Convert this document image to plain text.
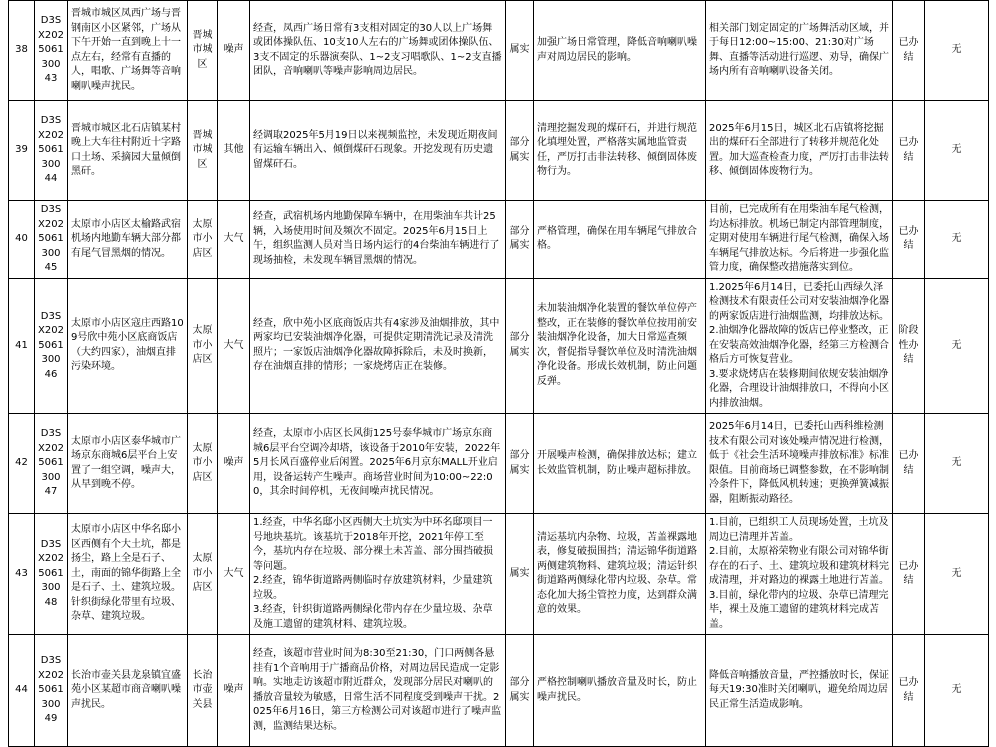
38	D3SX2025061300 43	晋城市城区凤西广场与晋钢南区小区紧邻，广场从下午开始一直到晚上十一点左右，经常有直播的人，唱歌、广场舞等音响喇叭噪声扰民。	晋城市城区	噪声	经查，凤西广场日常有3支相对固定的30人以上广场舞或团体操队伍、10支10人左右的广场舞或团体操队伍、3支不固定的乐器演奏队、1~2支习唱歌队、1~2支直播团队，音响喇叭等噪声影响周边居民。	属实	加强广场日常管理，降低音响喇叭噪声对周边居民的影响。	相关部门划定固定的广场舞活动区域，并于每日12:00~15:00、21:30对广场舞、直播等活动进行巡逻、劝导，确保广场内所有音响喇叭设备关闭。	已办结	无
39	D3SX2025061300 44	晋城市城区北石店镇某村晚上大车往村附近十字路口土场、采摘园大量倾倒黑矸。	晋城市城区	其他	经调取2025年5月19日以来视频监控，未发现近期夜间有运输车辆出入、倾倒煤矸石现象。开挖发现有历史遗留煤矸石。	部分属实	清理挖掘发现的煤矸石，并进行规范化填埋处置，严格落实属地监管责任，严厉打击非法转移、倾倒固体废物行为。	2025年6月15日，城区北石店镇将挖掘出的煤矸石全部进行了转移并规范化处置。加大巡查检查力度，严厉打击非法转移、倾倒固体废物行为。	已办结	无
40	D3SX2025061300 45	太原市小店区太榆路武宿机场内地勤车辆大部分都有尾气冒黑烟的情况。	太原市小店区	大气	经查，武宿机场内地勤保障车辆中，在用柴油车共计25辆，入场使用时间及频次不固定。2025年6月15日上午，组织监测人员对当日场内运行的4台柴油车辆进行了现场抽检，未发现车辆冒黑烟的情况。	部分属实	严格管理，确保在用车辆尾气排放合格。	目前，已完成所有在用柴油车尾气检测，均达标排放。机场已制定内部管理制度，定期对使用车辆进行尾气检测，确保入场车辆尾气排放达标。今后将进一步强化监管力度，确保整改措施落实到位。	已办结	无
41	D3SX2025061300 46	太原市小店区寇庄西路109号欣中苑小区底商饭店（大约四家），油烟直排污染环境。	太原市小店区	大气	经查，欣中苑小区底商饭店共有4家涉及油烟排放，其中两家均已安装油烟净化器，可提供定期清洗记录及清洗照片；一家饭店油烟净化器故障拆除后，未及时换新，存在油烟直排的情形；一家烧烤店正在装修。	部分属实	未加装油烟净化装置的餐饮单位停产整改，正在装修的餐饮单位按用前安装油烟净化设备，加大日常巡查频次，督促指导餐饮单位及时清洗油烟净化设备。形成长效机制，防止问题反弹。	1.2025年6月14日，已委托山西绿久泽检测技术有限责任公司对安装油烟净化器的两家饭店进行油烟监测，均排放达标。
2.油烟净化器故障的饭店已停业整改，正在安装高效油烟净化器，经第三方检测合格后方可恢复营业。
3.要求烧烤店在装修期间依规安装油烟净化器，合理设计油烟排放口，不得向小区内排放油烟。	阶段性办结	无
42	D3SX2025061300 47	太原市小店区泰华城市广场京东商城6层平台上安置了一组空调，噪声大，从早到晚不停。	太原市小店区	噪声	经查，太原市小店区长风街125号泰华城市广场京东商城6层平台空调冷却塔，该设备于2010年安装，2022年5月长风百盛停业后闲置。2025年6月京东MALL开业启用，设备运转产生噪声。商场营业时间为10:00~22:00，其余时间停机，无夜间噪声扰民情况。	部分属实	开展噪声检测，确保排放达标；建立长效监管机制，防止噪声超标排放。	2025年6月14日，已委托山西科维检测技术有限公司对该处噪声情况进行检测，低于《社会生活环境噪声排放标准》标准限值。目前商场已调整参数，在不影响制冷条件下，降低风机转速；更换弹簧减振器，阻断振动路径。	已办结	无
43	D3SX2025061300 48	太原市小店区中华名邸小区西侧有个大土坑，都是扬尘，路上全是石子、土，南面的锦华街路上全是石子、土、建筑垃圾。针织街绿化带里有垃圾、杂草、建筑垃圾。	太原市小店区	大气	1.经查，中华名邸小区西侧大土坑实为中环名邸项目一号地块基坑。该基坑于2018年开挖，2021年停工至今，基坑内存在垃圾、部分裸土未苫盖、部分围挡破损等问题。
2.经查，锦华街道路两侧临时存放建筑材料，少量建筑垃圾。
3.经查，针织街道路两侧绿化带内存在少量垃圾、杂草及施工遗留的建筑材料、建筑垃圾。	属实	清运基坑内杂物、垃圾，苫盖裸露地表，修复破损围挡；清运锦华街道路两侧建筑物料、建筑垃圾；清运针织街道路两侧绿化带内垃圾、杂草。常态化加大扬尘管控力度，达到群众满意的效果。	1.目前，已组织工人员现场处置，土坑及周边已清理并苫盖。
2.目前，太原裕荣物业有限公司对锦华街存在的石子、土、建筑垃圾和建筑材料完成清理，并对路边的裸露土地进行苫盖。
3.目前，绿化带内的垃圾、杂草已清理完毕，裸土及施工遗留的建筑材料完成苫盖。	已办结	无
44	D3SX2025061300 49	长治市壶关县龙泉镇宜盛苑小区某超市商音喇叭噪声扰民。	长治市壶关县	噪声	经查，该超市营业时间为8:30至21:30，门口两侧各悬挂有1个音响用于广播商品价格，对周边居民造成一定影响。实地走访该超市附近群众，发现部分居民对喇叭的播放音量较为敏感，日常生活不同程度受到噪声干扰。2025年6月16日，第三方检测公司对该超市进行了噪声监测，监测结果达标。	部分属实	严格控制喇叭播放音量及时长，防止噪声扰民。	降低音响播放音量，严控播放时长，保证每天19:30准时关闭喇叭，避免给周边居民正常生活造成影响。	已办结	无
